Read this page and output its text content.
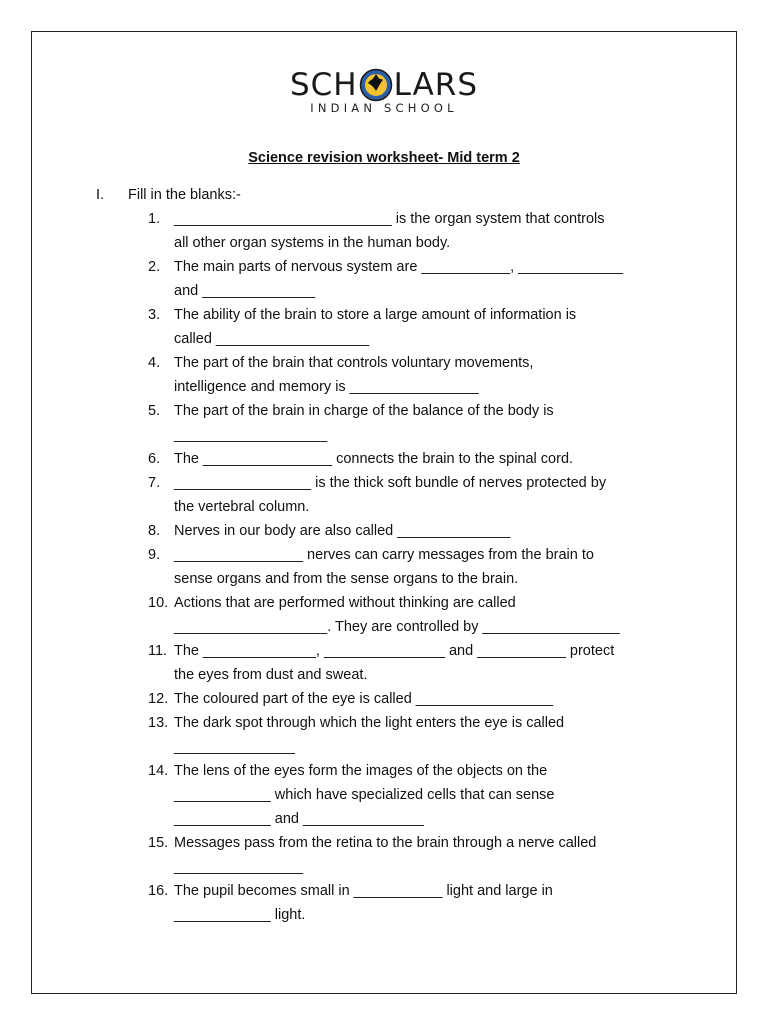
SCH LARS
INDIAN SCHOOL
Science revision worksheet- Mid term 2
I.	Fill in the blanks:-
1. ___________________________ is the organ system that controls
all other organ systems in the human body.
2. The main parts of nervous system are ___________, _____________
and ______________
3. The ability of the brain to store a large amount of information is
called ___________________
4. The part of the brain that controls voluntary movements,
intelligence and memory is ________________
5. The part of the brain in charge of the balance of the body is
___________________
6. The ________________ connects the brain to the spinal cord.
7. _________________ is the thick soft bundle of nerves protected by
the vertebral column.
8. Nerves in our body are also called ______________
9. ________________ nerves can carry messages from the brain to
sense organs and from the sense organs to the brain.
10. Actions that are performed without thinking are called
___________________. They are controlled by _________________
11. The ______________, _______________ and ___________ protect
the eyes from dust and sweat.
12. The coloured part of the eye is called _________________
13. The dark spot through which the light enters the eye is called
_______________
14. The lens of the eyes form the images of the objects on the
____________ which have specialized cells that can sense
____________ and _______________
15. Messages pass from the retina to the brain through a nerve called
________________
16. The pupil becomes small in ___________ light and large in
____________ light.
